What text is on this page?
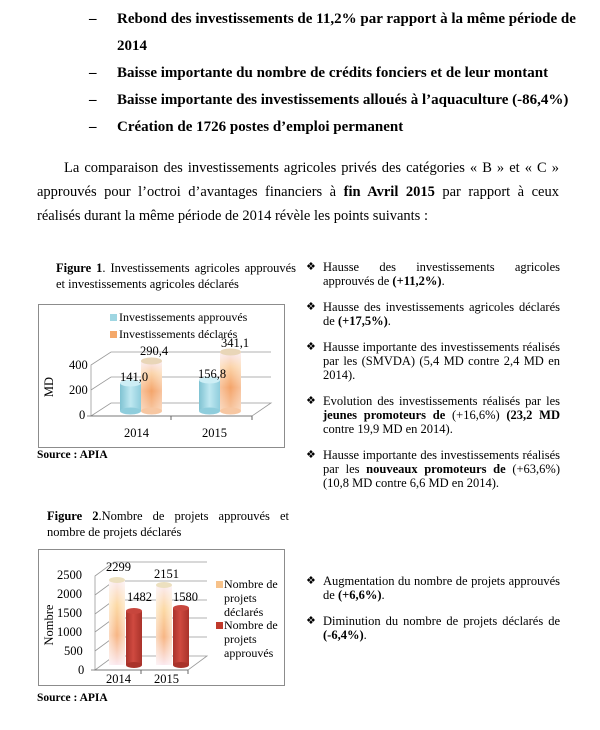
– Rebond des investissements de 11,2% par rapport à la même période de 2014
– Baisse importante du nombre de crédits fonciers et de leur montant
– Baisse importante des investissements alloués à l’aquaculture (-86,4%)
– Création de 1726 postes d’emploi permanent
La comparaison des investissements agricoles privés des catégories « B » et « C » approuvés pour l’octroi d’avantages financiers à fin Avril 2015 par rapport à ceux réalisés durant la même période de 2014 révèle les points suivants :
Figure 1. Investissements agricoles approuvés et investissements agricoles déclarés
Investissements approuvés
Investissements déclarés
400
200
0
MD	141,0
290,4
156,8
341,1
2014	2015
Source : APIA
Figure 2.Nombre de projets approuvés et nombre de projets déclarés
2500
2000
1500
1000
500
0
Nombre
2299
1482
2151
1580
2014 2015
Nombre de
projets
déclarés
Nombre de
projets
approuvés
Source : APIA
❖ Hausse des investissements agricoles approuvés de (+11,2%).
❖ Hausse des investissements agricoles déclarés de (+17,5%).
❖ Hausse importante des investissements réalisés par les (SMVDA) (5,4 MD contre 2,4 MD en 2014).
❖ Evolution des investissements réalisés par les jeunes promoteurs de (+16,6%) (23,2 MD contre 19,9 MD en 2014).
❖ Hausse importante des investissements réalisés par les nouveaux promoteurs de (+63,6%) (10,8 MD contre 6,6 MD en 2014).
❖ Augmentation du nombre de projets approuvés de (+6,6%).
❖ Diminution du nombre de projets déclarés de (-6,4%).
